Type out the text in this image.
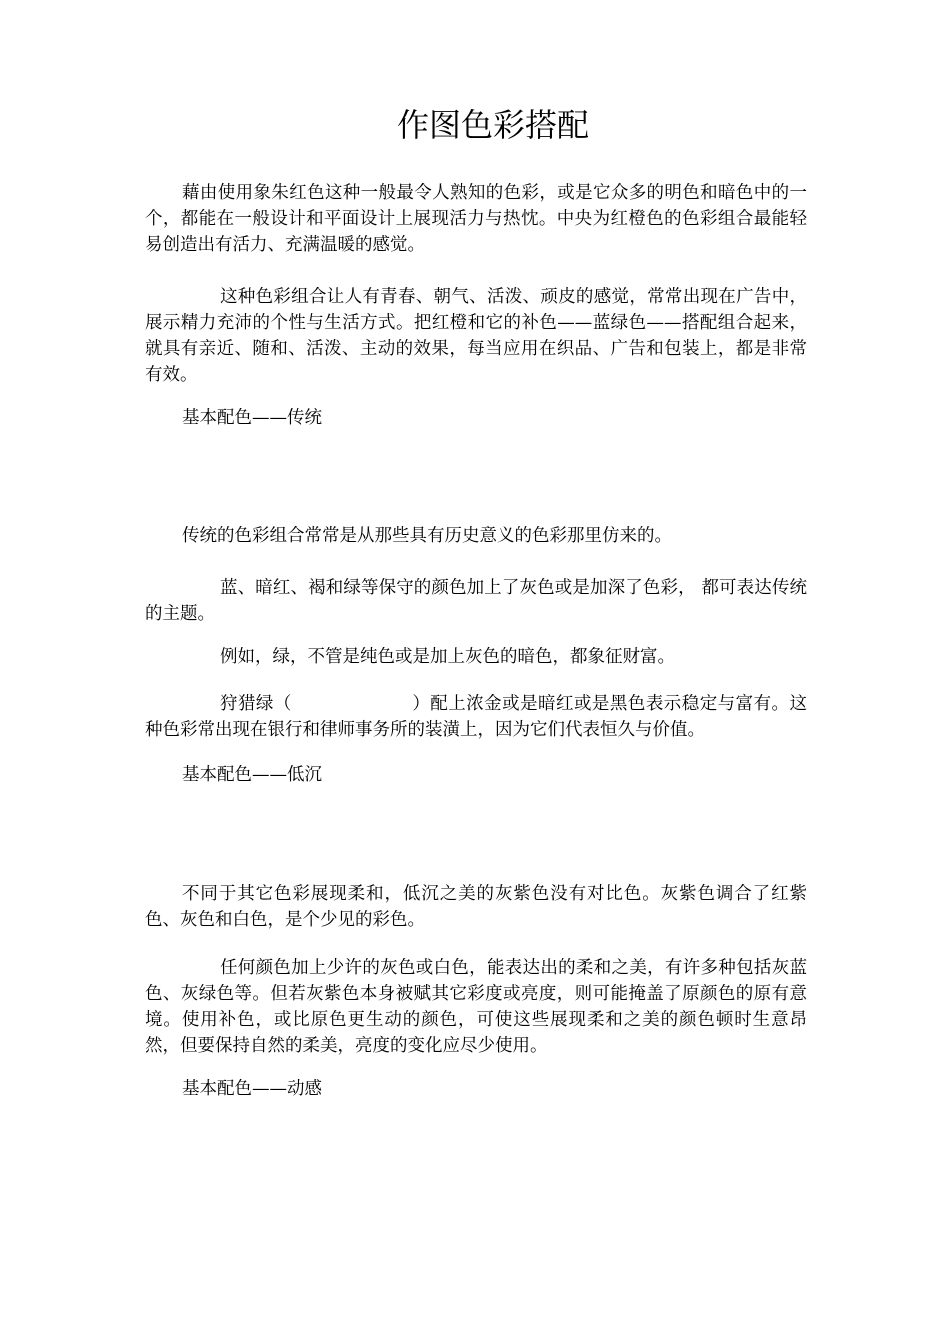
作图色彩搭配

藉由使用象朱红色这种一般最令人熟知的色彩，或是它众多的明色和暗色中的一个，都能在一般设计和平面设计上展现活力与热忱。中央为红橙色的色彩组合最能轻易创造出有活力、充满温暖的感觉。

这种色彩组合让人有青春、朝气、活泼、顽皮的感觉，常常出现在广告中，展示精力充沛的个性与生活方式。把红橙和它的补色——蓝绿色——搭配组合起来，就具有亲近、随和、活泼、主动的效果，每当应用在织品、广告和包装上，都是非常有效。

基本配色——传统

传统的色彩组合常常是从那些具有历史意义的色彩那里仿来的。

蓝、暗红、褐和绿等保守的颜色加上了灰色或是加深了色彩， 都可表达传统的主题。

例如，绿，不管是纯色或是加上灰色的暗色，都象征财富。

狩猎绿（	）配上浓金或是暗红或是黑色表示稳定与富有。这种色彩常出现在银行和律师事务所的装潢上，因为它们代表恒久与价值。

基本配色——低沉

不同于其它色彩展现柔和，低沉之美的灰紫色没有对比色。灰紫色调合了红紫色、灰色和白色，是个少见的彩色。

任何颜色加上少许的灰色或白色，能表达出的柔和之美，有许多种包括灰蓝色、灰绿色等。但若灰紫色本身被赋其它彩度或亮度，则可能掩盖了原颜色的原有意境。使用补色，或比原色更生动的颜色，可使这些展现柔和之美的颜色顿时生意昂然，但要保持自然的柔美，亮度的变化应尽少使用。

基本配色——动感
